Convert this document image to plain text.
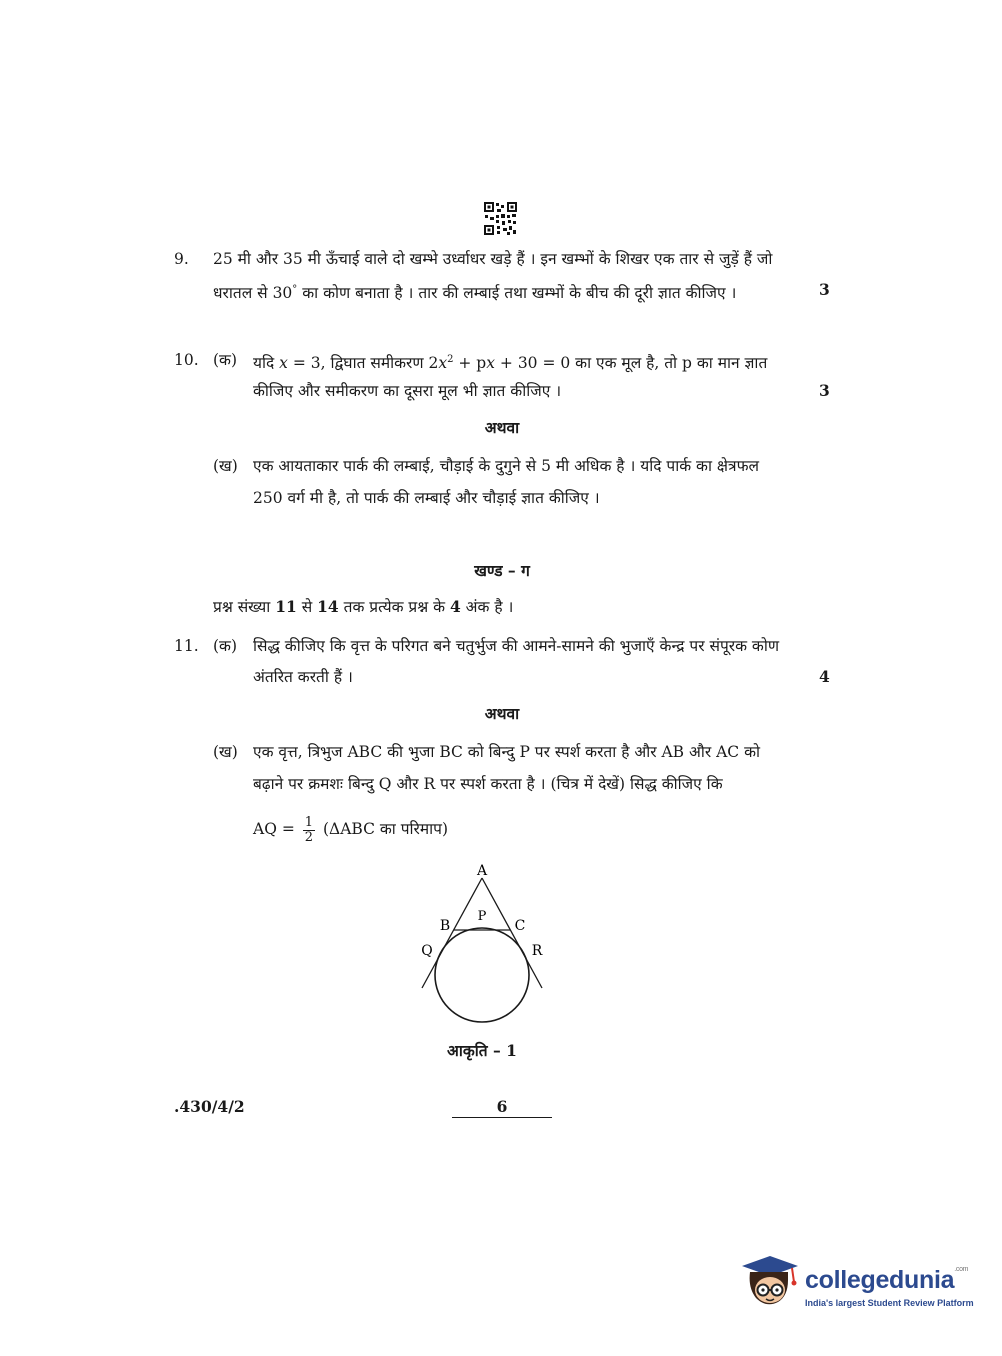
9. 25 मी और 35 मी ऊँचाई वाले दो खम्भे उर्ध्वाधर खड़े हैं । इन खम्भों के शिखर एक तार से जुड़ें हैं जो
धरातल से 30° का कोण बनाता है । तार की लम्बाई तथा खम्भों के बीच की दूरी ज्ञात कीजिए ।	3
10. (क) यदि x = 3, द्विघात समीकरण $2x^2$ + px + 30 = 0 का एक मूल है, तो p का मान ज्ञात
कीजिए और समीकरण का दूसरा मूल भी ज्ञात कीजिए ।	3
अथवा
(ख) एक आयताकार पार्क की लम्बाई, चौड़ाई के दुगुने से 5 मी अधिक है । यदि पार्क का क्षेत्रफल
250 वर्ग मी है, तो पार्क की लम्बाई और चौड़ाई ज्ञात कीजिए ।
खण्ड – ग
प्रश्न संख्या 11 से 14 तक प्रत्येक प्रश्न के 4 अंक है ।
11. (क) सिद्ध कीजिए कि वृत्त के परिगत बने चतुर्भुज की आमने-सामने की भुजाएँ केन्द्र पर संपूरक कोण
अंतरित करती हैं ।	4
अथवा
(ख) एक वृत्त, त्रिभुज ABC की भुजा BC को बिन्दु P पर स्पर्श करता है और AB और AC को
बढ़ाने पर क्रमशः बिन्दु Q और R पर स्पर्श करता है । (चित्र में देखें) सिद्ध कीजिए कि
AQ = $\frac{1}{2} (\Delta ABC$ का परिमाप)
A
B	C
P
Q	R
आकृति – 1
.430/4/2	6
collegedunia$^{.com}$
India's largest Student Review Platform
